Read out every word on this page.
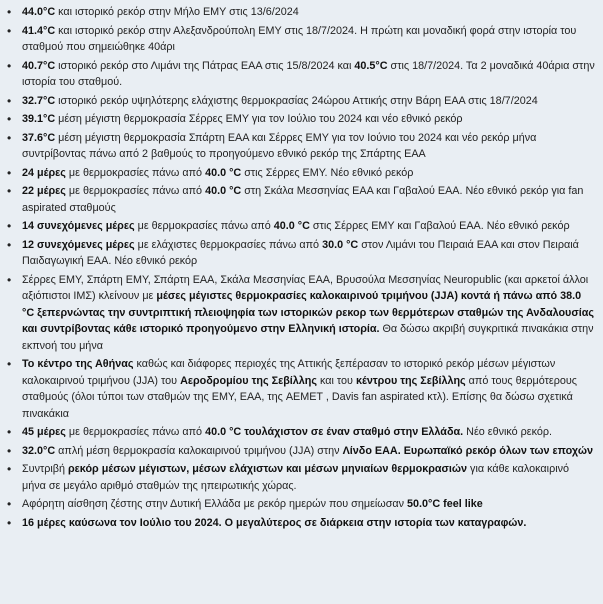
• 44.0°C και ιστορικό ρεκόρ στην Μήλο ΕΜΥ στις 13/6/2024
• 41.4°C και ιστορικό ρεκόρ στην Αλεξανδρούπολη ΕΜΥ στις 18/7/2024. Η πρώτη και μοναδική φορά στην ιστορία του σταθμού που σημειώθηκε 40άρι
• 40.7°C ιστορικό ρεκόρ στο Λιμάνι της Πάτρας ΕΑΑ στις 15/8/2024 και 40.5°C στις 18/7/2024. Τα 2 μοναδικά 40άρια στην ιστορία του σταθμού.
• 32.7°C ιστορικό ρεκόρ υψηλότερης ελάχιστης θερμοκρασίας 24ώρου Αττικής στην Βάρη ΕΑΑ στις 18/7/2024
• 39.1°C μέση μέγιστη θερμοκρασία Σέρρες ΕΜΥ για τον Ιούλιο του 2024 και νέο εθνικό ρεκόρ
• 37.6°C μέση μέγιστη θερμοκρασία Σπάρτη ΕΑΑ και Σέρρες ΕΜΥ για τον Ιούνιο του 2024 και νέο ρεκόρ μήνα συντρίβοντας πάνω από 2 βαθμούς το προηγούμενο εθνικό ρεκόρ της Σπάρτης ΕΑΑ
• 24 μέρες με θερμοκρασίες πάνω από 40.0 °C στις Σέρρες ΕΜΥ. Νέο εθνικό ρεκόρ
• 22 μέρες με θερμοκρασίες πάνω από 40.0 °C στη Σκάλα Μεσσηνίας ΕΑΑ και Γαβαλού ΕΑΑ. Νέο εθνικό ρεκόρ για fan aspirated σταθμούς
• 14 συνεχόμενες μέρες με θερμοκρασίες πάνω από 40.0 °C στις Σέρρες ΕΜΥ και Γαβαλού ΕΑΑ. Νέο εθνικό ρεκόρ
• 12 συνεχόμενες μέρες με ελάχιστες θερμοκρασίες πάνω από 30.0 °C στον Λιμάνι του Πειραιά ΕΑΑ και στον Πειραιά Παιδαγωγική ΕΑΑ. Νέο εθνικό ρεκόρ
• Σέρρες ΕΜΥ, Σπάρτη ΕΜΥ, Σπάρτη ΕΑΑ, Σκάλα Μεσσηνίας ΕΑΑ, Βρυσούλα Μεσσηνίας Neuropublic (και αρκετοί άλλοι αξιόπιστοι ΙΜΣ) κλείνουν με μέσες μέγιστες θερμοκρασίες καλοκαιρινού τριμήνου (JJA) κοντά ή πάνω από 38.0 °C ξεπερνώντας την συντριπτική πλειοψηφία των ιστορικών ρεκορ των θερμότερων σταθμών της Ανδαλουσίας και συντρίβοντας κάθε ιστορικό προηγούμενο στην Ελληνική ιστορία. Θα δώσω ακριβή συγκριτικά πινακάκια στην εκπνοή του μήνα
• Το κέντρο της Αθήνας καθώς και διάφορες περιοχές της Αττικής ξεπέρασαν το ιστορικό ρεκόρ μέσων μέγιστων καλοκαιρινού τριμήνου (JJA) του Αεροδρομίου της Σεβίλλης και του κέντρου της Σεβίλλης από τους θερμότερους σταθμούς (όλοι τύποι των σταθμών της ΕΜΥ, ΕΑΑ, της AEMET , Davis fan aspirated κτλ). Επίσης θα δώσω σχετικά πινακάκια
• 45 μέρες με θερμοκρασίες πάνω από 40.0 °C τουλάχιστον σε έναν σταθμό στην Ελλάδα. Νέο εθνικό ρεκόρ.
• 32.0°C απλή μέση θερμοκρασία καλοκαιρινού τριμήνου (JJA) στην Λίνδο ΕΑΑ. Ευρωπαϊκό ρεκόρ όλων των εποχών
• Συντριβή ρεκόρ μέσων μέγιστων, μέσων ελάχιστων και μέσων μηνιαίων θερμοκρασιών για κάθε καλοκαιρινό μήνα σε μεγάλο αριθμό σταθμών της ηπειρωτικής χώρας.
• Αφόρητη αίσθηση ζέστης στην Δυτική Ελλάδα με ρεκόρ ημερών που σημείωσαν 50.0°C feel like
• 16 μέρες καύσωνα τον Ιούλιο του 2024. Ο μεγαλύτερος σε διάρκεια στην ιστορία των καταγραφών.
